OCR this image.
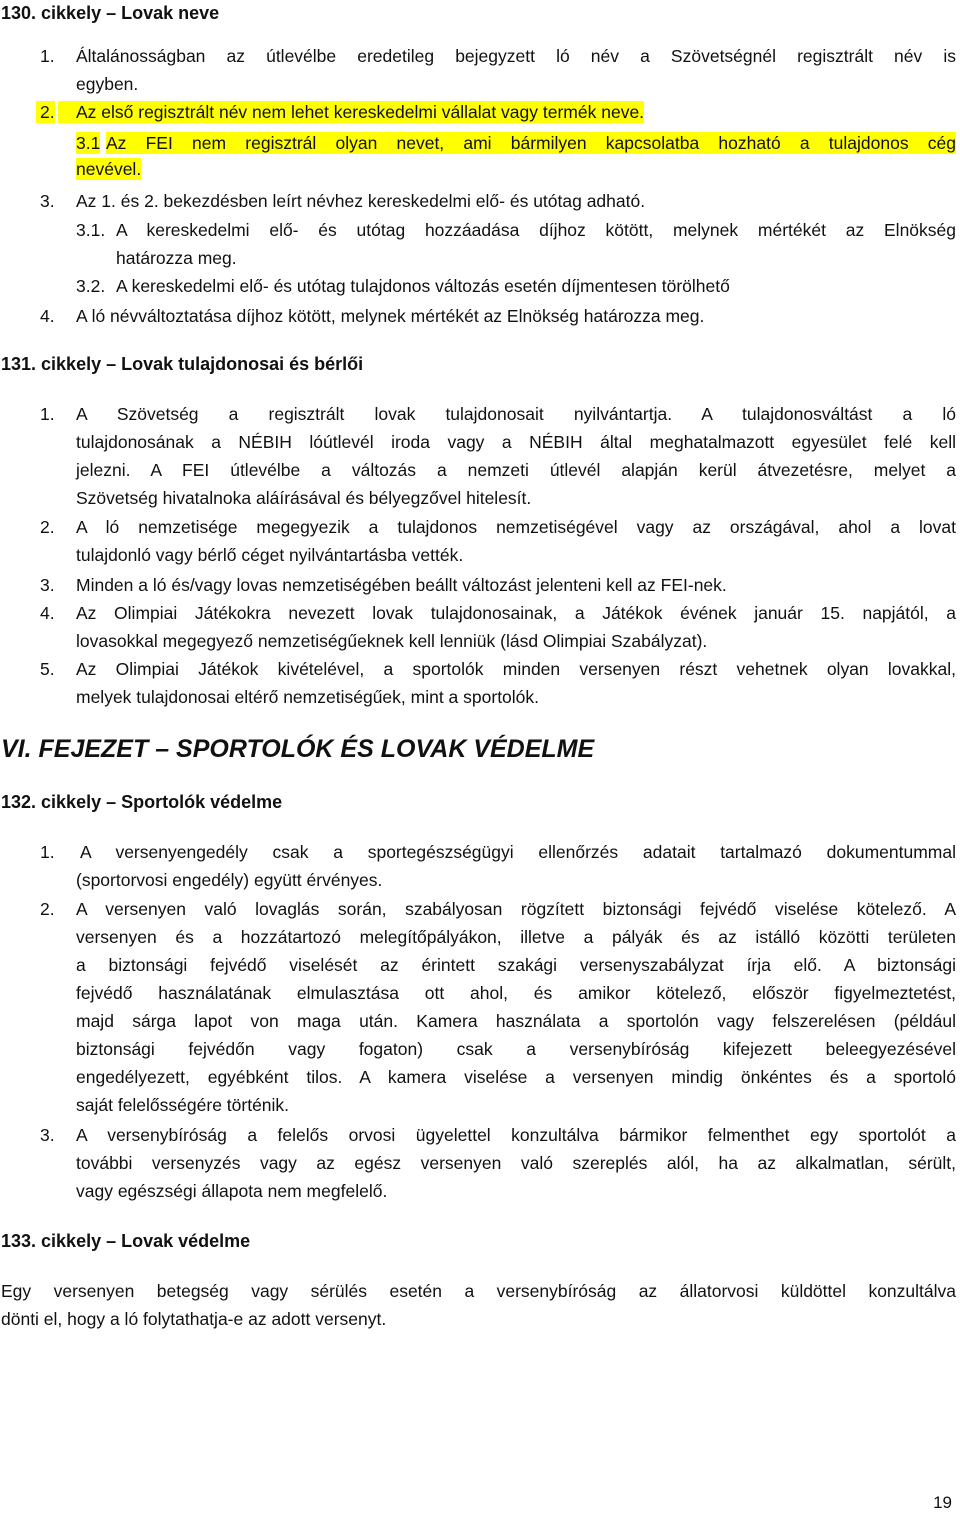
130. cikkely – Lovak neve
1. Általánosságban az útlevélbe eredetileg bejegyzett ló név a Szövetségnél regisztrált név is
egyben.
2.	Az első regisztrált név nem lehet kereskedelmi vállalat vagy termék neve.
3.1 Az FEI nem regisztrál olyan nevet, ami bármilyen kapcsolatba hozható a tulajdonos cég
nevével.
3. Az 1. és 2. bekezdésben leírt névhez kereskedelmi elő- és utótag adható.
3.1. A kereskedelmi elő- és utótag hozzáadása díjhoz kötött, melynek mértékét az Elnökség
határozza meg.
3.2. A kereskedelmi elő- és utótag tulajdonos változás esetén díjmentesen törölhető
4. A ló névváltoztatása díjhoz kötött, melynek mértékét az Elnökség határozza meg.
131. cikkely – Lovak tulajdonosai és bérlői
1. A Szövetség a regisztrált lovak tulajdonosait nyilvántartja. A tulajdonosváltást a ló
tulajdonosának a NÉBIH lóútlevél iroda vagy a NÉBIH által meghatalmazott egyesület felé kell
jelezni. A FEI útlevélbe a változás a nemzeti útlevél alapján kerül átvezetésre, melyet a
Szövetség hivatalnoka aláírásával és bélyegzővel hitelesít.
2. A ló nemzetisége megegyezik a tulajdonos nemzetiségével vagy az országával, ahol a lovat
tulajdonló vagy bérlő céget nyilvántartásba vették.
3. Minden a ló és/vagy lovas nemzetiségében beállt változást jelenteni kell az FEI-nek.
4. Az Olimpiai Játékokra nevezett lovak tulajdonosainak, a Játékok évének január 15. napjától, a
lovasokkal megegyező nemzetiségűeknek kell lenniük (lásd Olimpiai Szabályzat).
5. Az Olimpiai Játékok kivételével, a sportolók minden versenyen részt vehetnek olyan lovakkal,
melyek tulajdonosai eltérő nemzetiségűek, mint a sportolók.
VI. FEJEZET – SPORTOLÓK ÉS LOVAK VÉDELME
132. cikkely – Sportolók védelme
1. A versenyengedély csak a sportegészségügyi ellenőrzés adatait tartalmazó dokumentummal
(sportorvosi engedély) együtt érvényes.
2. A versenyen való lovaglás során, szabályosan rögzített biztonsági fejvédő viselése kötelező. A
versenyen és a hozzátartozó melegítőpályákon, illetve a pályák és az istálló közötti területen
a biztonsági fejvédő viselését az érintett szakági versenyszabályzat írja elő. A biztonsági
fejvédő használatának elmulasztása ott ahol, és amikor kötelező, először figyelmeztetést,
majd sárga lapot von maga után. Kamera használata a sportolón vagy felszerelésen (például
biztonsági fejvédőn vagy fogaton) csak a versenybíróság kifejezett beleegyezésével
engedélyezett, egyébként tilos. A kamera viselése a versenyen mindig önkéntes és a sportoló
saját felelősségére történik.
3. A versenybíróság a felelős orvosi ügyelettel konzultálva bármikor felmenthet egy sportolót a
további versenyzés vagy az egész versenyen való szereplés alól, ha az alkalmatlan, sérült,
vagy egészségi állapota nem megfelelő.
133. cikkely – Lovak védelme
Egy versenyen betegség vagy sérülés esetén a versenybíróság az állatorvosi küldöttel konzultálva
dönti el, hogy a ló folytathatja-e az adott versenyt.
19
